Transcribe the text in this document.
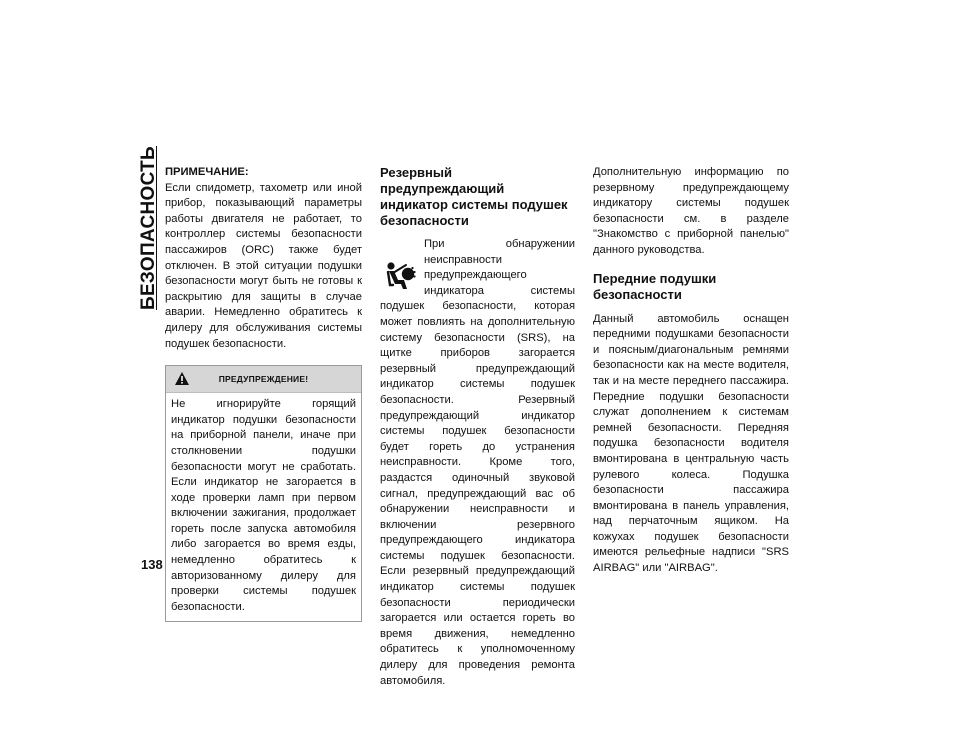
БЕЗОПАСНОСТЬ ПРИМЕЧАНИЕ:

Если спидометр, тахометр или иной прибор, показывающий параметры работы двигателя не работает, то контроллер системы безопасности пассажиров (ORC) также будет отключен. В этой ситуации подушки безопасности могут быть не готовы к раскрытию для защиты в случае аварии. Немедленно обратитесь к дилеру для обслуживания системы подушек безопасности.

ПРЕДУПРЕЖДЕНИЕ!

Не игнорируйте горящий индикатор подушки безопасности на приборной панели, иначе при столкновении подушки безопасности могут не сработать. Если индикатор не загорается в ходе проверки ламп при первом включении зажигания, продолжает гореть после запуска автомобиля либо загорается во время езды, немедленно обратитесь к авторизованному дилеру для проверки системы подушек безопасности.

Резервный предупреждающий индикатор системы подушек безопасности

При обнаружении неисправности предупреждающего индикатора системы подушек безопасности, которая может повлиять на дополнительную систему безопасности (SRS), на щитке приборов загорается резервный предупреждающий индикатор системы подушек безопасности. Резервный предупреждающий индикатор системы подушек безопасности будет гореть до устранения неисправности. Кроме того, раздастся одиночный звуковой сигнал, предупреждающий вас об обнаружении неисправности и включении резервного предупреждающего индикатора системы подушек безопасности. Если резервный предупреждающий индикатор системы подушек безопасности периодически загорается или остается гореть во время движения, немедленно обратитесь к уполномоченному дилеру для проведения ремонта автомобиля.

Дополнительную информацию по резервному предупреждающему индикатору системы подушек безопасности см. в разделе "Знакомство с приборной панелью" данного руководства.

Передние подушки безопасности

Данный автомобиль оснащен передними подушками безопасности и поясным/диагональным ремнями безопасности как на месте водителя, так и на месте переднего пассажира. Передние подушки безопасности служат дополнением к системам ремней безопасности. Передняя подушка безопасности водителя вмонтирована в центральную часть рулевого колеса. Подушка безопасности пассажира вмонтирована в панель управления, над перчаточным ящиком. На кожухах подушек безопасности имеются рельефные надписи "SRS AIRBAG" или "AIRBAG".

138
